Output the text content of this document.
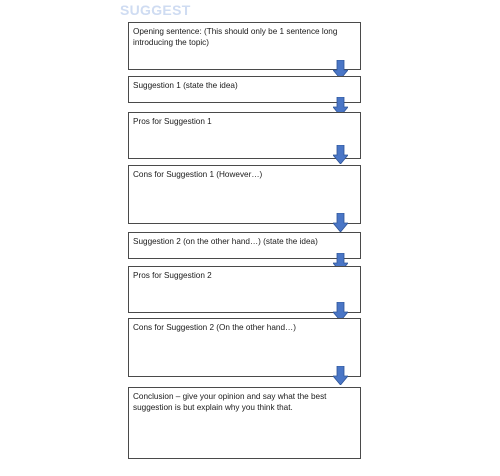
SUGGEST
Opening sentence: (This should only be 1 sentence long introducing the topic)
Suggestion 1 (state the idea)
Pros for Suggestion 1
Cons for Suggestion 1 (However…)
Suggestion 2 (on the other hand…) (state the idea)
Pros for Suggestion 2
Cons for Suggestion 2 (On the other hand…)
Conclusion – give your opinion and say what the best suggestion is but explain why you think that.
